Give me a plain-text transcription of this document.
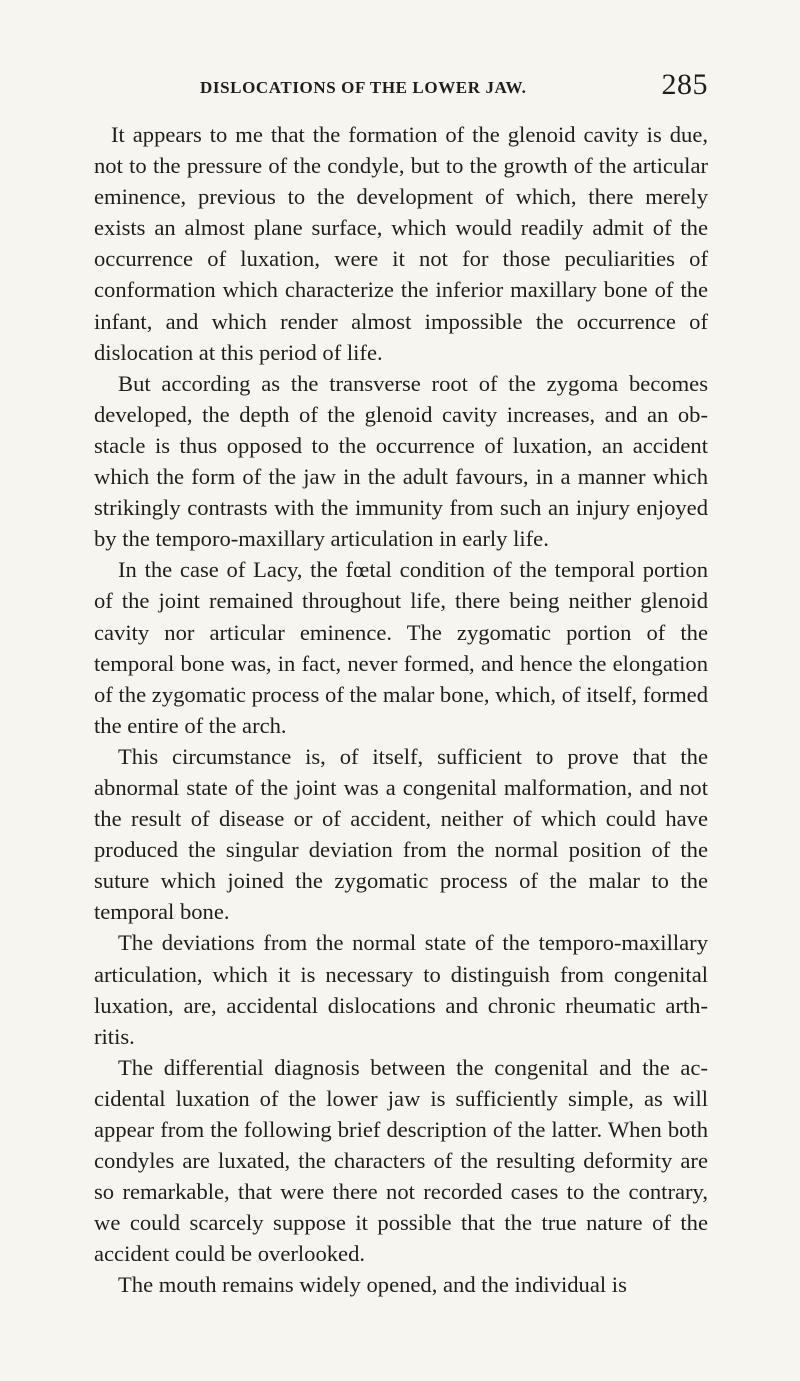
DISLOCATIONS OF THE LOWER JAW.	285

It appears to me that the formation of the glenoid cavity is due, not to the pressure of the condyle, but to the growth of the articular eminence, previous to the development of which, there merely exists an almost plane surface, which would readily admit of the occurrence of luxation, were it not for those peculiarities of conformation which characterize the inferior maxillary bone of the infant, and which render almost impossible the occurrence of dislocation at this period of life.

But according as the transverse root of the zygoma becomes developed, the depth of the glenoid cavity increases, and an obstacle is thus opposed to the occurrence of luxation, an accident which the form of the jaw in the adult favours, in a manner which strikingly contrasts with the immunity from such an injury enjoyed by the temporo-maxillary articulation in early life.

In the case of Lacy, the fœtal condition of the temporal portion of the joint remained throughout life, there being neither glenoid cavity nor articular eminence. The zygomatic portion of the temporal bone was, in fact, never formed, and hence the elongation of the zygomatic process of the malar bone, which, of itself, formed the entire of the arch.

This circumstance is, of itself, sufficient to prove that the abnormal state of the joint was a congenital malformation, and not the result of disease or of accident, neither of which could have produced the singular deviation from the normal position of the suture which joined the zygomatic process of the malar to the temporal bone.

The deviations from the normal state of the temporo-maxillary articulation, which it is necessary to distinguish from congenital luxation, are, accidental dislocations and chronic rheumatic arthritis.

The differential diagnosis between the congenital and the accidental luxation of the lower jaw is sufficiently simple, as will appear from the following brief description of the latter. When both condyles are luxated, the characters of the resulting deformity are so remarkable, that were there not recorded cases to the contrary, we could scarcely suppose it possible that the true nature of the accident could be overlooked.

The mouth remains widely opened, and the individual is
